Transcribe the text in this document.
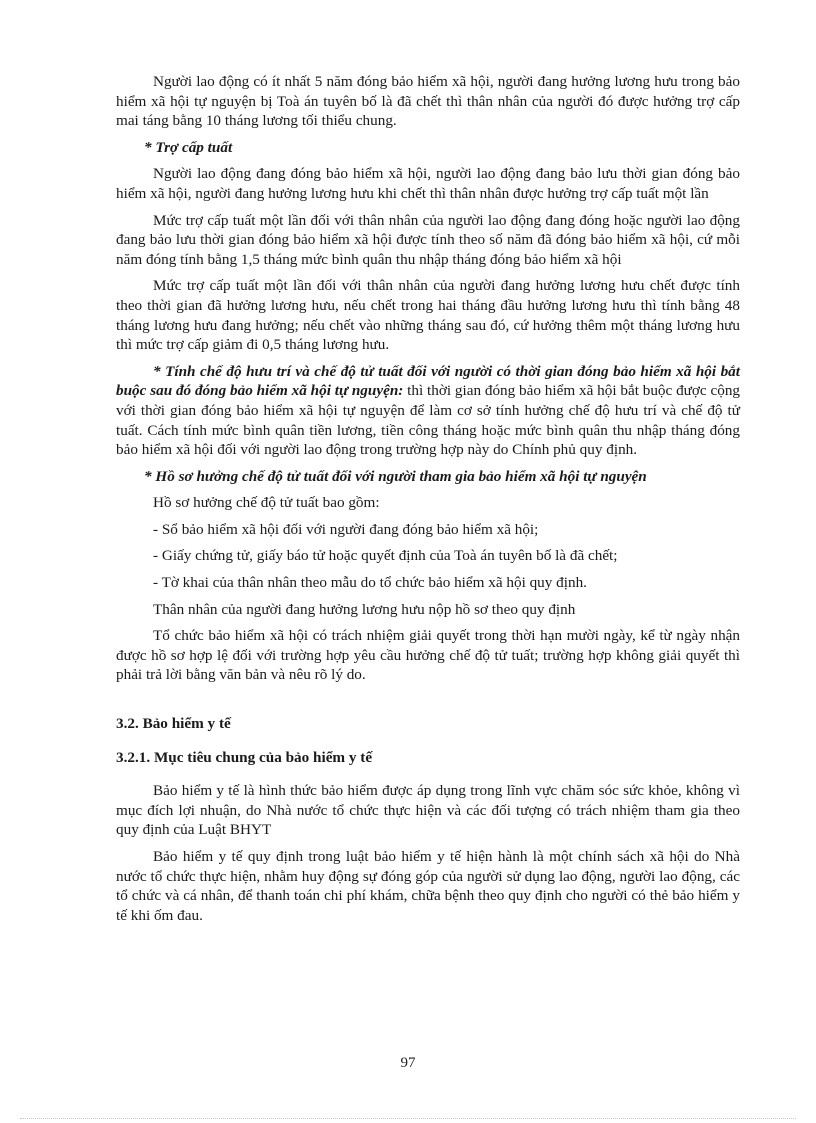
Người lao động có ít nhất 5 năm đóng bảo hiểm xã hội, người đang hưởng lương hưu trong bảo hiểm xã hội tự nguyện bị Toà án tuyên bố là đã chết thì thân nhân của người đó được hưởng trợ cấp mai táng bằng 10 tháng lương tối thiểu chung.

* Trợ cấp tuất

Người lao động đang đóng bảo hiểm xã hội, người lao động đang bảo lưu thời gian đóng bảo hiểm xã hội, người đang hưởng lương hưu khi chết thì thân nhân được hưởng trợ cấp tuất một lần

Mức trợ cấp tuất một lần đối với thân nhân của người lao động đang đóng hoặc người lao động đang bảo lưu thời gian đóng bảo hiểm xã hội được tính theo số năm đã đóng bảo hiểm xã hội, cứ mỗi năm đóng tính bằng 1,5 tháng mức bình quân thu nhập tháng đóng bảo hiểm xã hội

Mức trợ cấp tuất một lần đối với thân nhân của người đang hưởng lương hưu chết được tính theo thời gian đã hưởng lương hưu, nếu chết trong hai tháng đầu hưởng lương hưu thì tính bằng 48 tháng lương hưu đang hưởng; nếu chết vào những tháng sau đó, cứ hưởng thêm một tháng lương hưu thì mức trợ cấp giảm đi 0,5 tháng lương hưu.

* Tính chế độ hưu trí và chế độ tử tuất đối với người có thời gian đóng bảo hiểm xã hội bắt buộc sau đó đóng bảo hiểm xã hội tự nguyện: thì thời gian đóng bảo hiểm xã hội bắt buộc được cộng với thời gian đóng bảo hiểm xã hội tự nguyện để làm cơ sở tính hưởng chế độ hưu trí và chế độ tử tuất. Cách tính mức bình quân tiền lương, tiền công tháng hoặc mức bình quân thu nhập tháng đóng bảo hiểm xã hội đối với người lao động trong trường hợp này do Chính phủ quy định.

* Hồ sơ hưởng chế độ tử tuất đối với người tham gia bảo hiểm xã hội tự nguyện

Hồ sơ hưởng chế độ tử tuất bao gồm:

- Sổ bảo hiểm xã hội đối với người đang đóng bảo hiểm xã hội;

- Giấy chứng tử, giấy báo tử hoặc quyết định của Toà án tuyên bố là đã chết;

- Tờ khai của thân nhân theo mẫu do tổ chức bảo hiểm xã hội quy định.

Thân nhân của người đang hưởng lương hưu nộp hồ sơ theo quy định

Tổ chức bảo hiểm xã hội có trách nhiệm giải quyết trong thời hạn mười ngày, kể từ ngày nhận được hồ sơ hợp lệ đối với trường hợp yêu cầu hưởng chế độ tử tuất; trường hợp không giải quyết thì phải trả lời bằng văn bản và nêu rõ lý do.

3.2. Bảo hiểm y tế

3.2.1. Mục tiêu chung của bảo hiểm y tế

Bảo hiểm y tế là hình thức bảo hiểm được áp dụng trong lĩnh vực chăm sóc sức khỏe, không vì mục đích lợi nhuận, do Nhà nước tổ chức thực hiện và các đối tượng có trách nhiệm tham gia theo quy định của Luật BHYT

Bảo hiểm y tế quy định trong luật bảo hiểm y tế hiện hành là một chính sách xã hội do Nhà nước tổ chức thực hiện, nhằm huy động sự đóng góp của người sử dụng lao động, người lao động, các tổ chức và cá nhân, để thanh toán chi phí khám, chữa bệnh theo quy định cho người có thẻ bảo hiểm y tế khi ốm đau.

97
